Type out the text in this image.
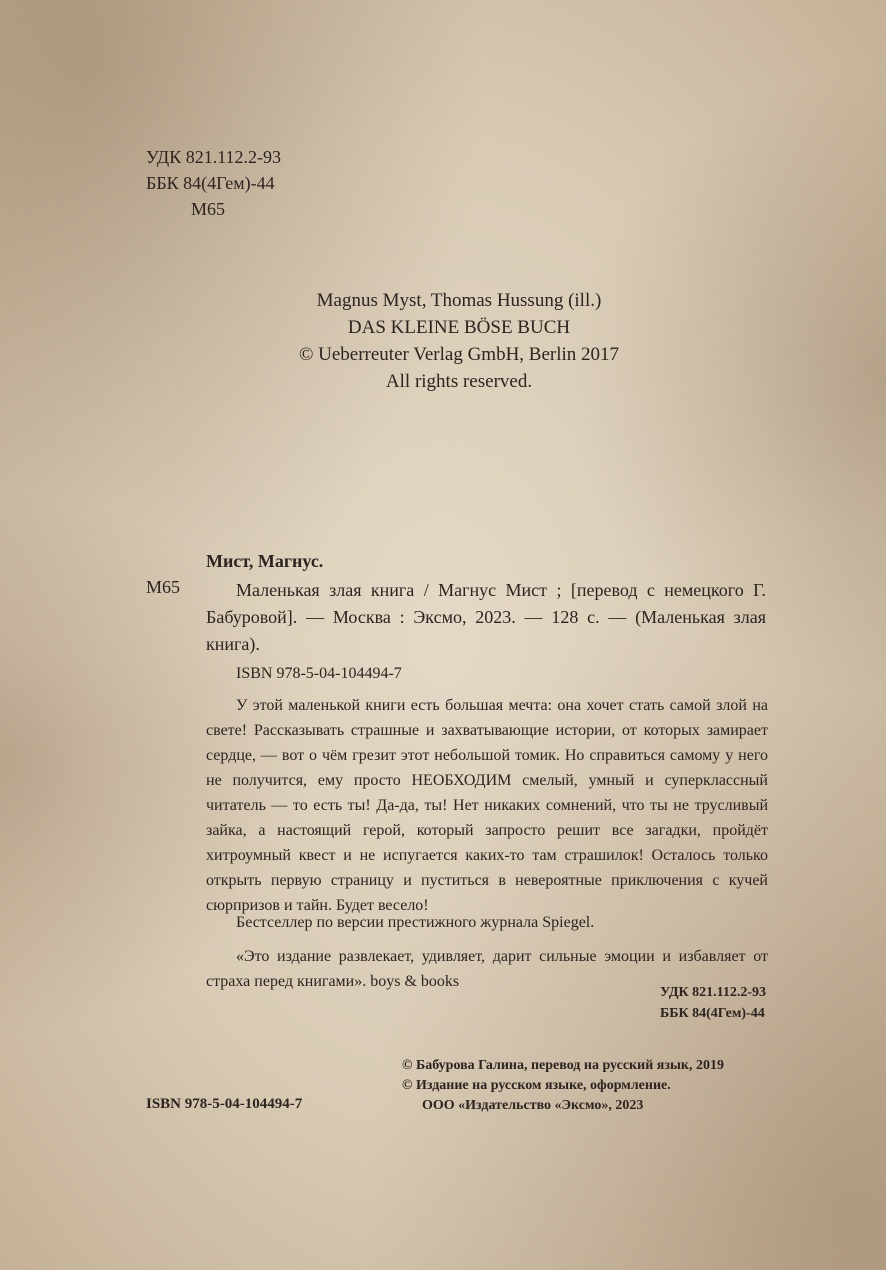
УДК 821.112.2-93
ББК 84(4Гем)-44
М65
Magnus Myst, Thomas Hussung (ill.)
DAS KLEINE BÖSE BUCH
© Ueberreuter Verlag GmbH, Berlin 2017
All rights reserved.
Мист, Магнус.
М65	Маленькая злая книга / Магнус Мист ; [перевод с немецкого Г. Бабуровой]. — Москва : Эксмо, 2023. — 128 с. — (Маленькая злая книга).

ISBN 978-5-04-104494-7

У этой маленькой книги есть большая мечта: она хочет стать самой злой на свете! Рассказывать страшные и захватывающие истории, от которых замирает сердце, — вот о чём грезит этот небольшой томик. Но справиться самому у него не получится, ему просто НЕОБХОДИМ смелый, умный и суперклассный читатель — то есть ты! Да-да, ты! Нет никаких сомнений, что ты не трусливый зайка, а настоящий герой, который запросто решит все загадки, пройдёт хитроумный квест и не испугается каких-то там страшилок! Осталось только открыть первую страницу и пуститься в невероятные приключения с кучей сюрпризов и тайн. Будет весело!

Бестселлер по версии престижного журнала Spiegel.

«Это издание развлекает, удивляет, дарит сильные эмоции и избавляет от страха перед книгами». boys & books

УДК 821.112.2-93
ББК 84(4Гем)-44
© Бабурова Галина, перевод на русский язык, 2019
© Издание на русском языке, оформление.
ООО «Издательство «Эксмо», 2023
ISBN 978-5-04-104494-7
